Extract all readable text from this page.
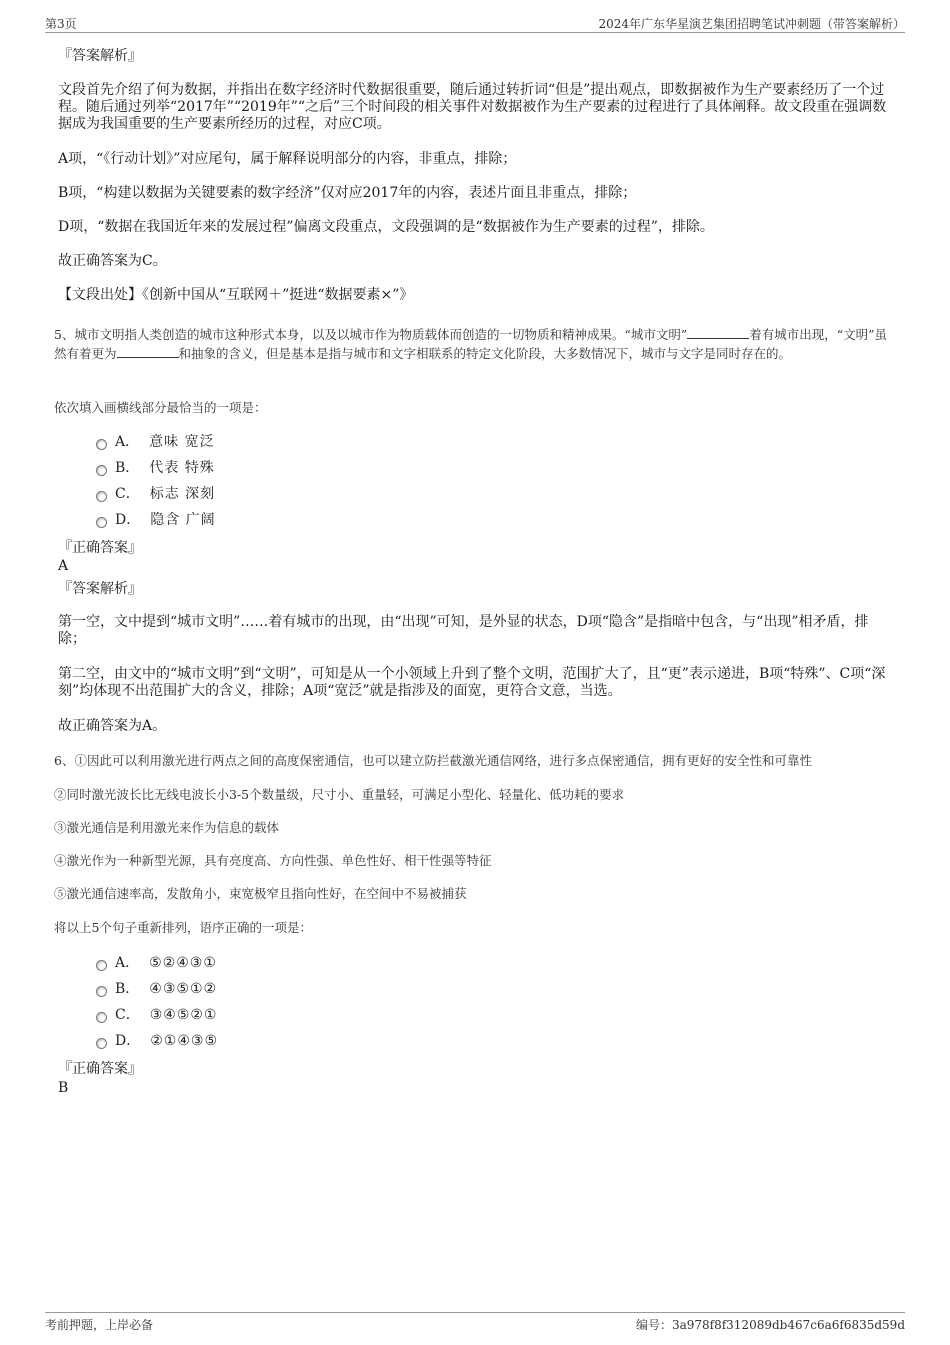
第3页	2024年广东华星演艺集团招聘笔试冲刺题（带答案解析）
『答案解析』
文段首先介绍了何为数据，并指出在数字经济时代数据很重要，随后通过转折词“但是”提出观点，即数据被作为生产要素经历了一个过程。随后通过列举“2017年”“2019年”“之后”三个时间段的相关事件对数据被作为生产要素的过程进行了具体阐释。故文段重在强调数据成为我国重要的生产要素所经历的过程，对应C项。
A项，“《行动计划》”对应尾句，属于解释说明部分的内容，非重点，排除；
B项，“构建以数据为关键要素的数字经济”仅对应2017年的内容，表述片面且非重点，排除；
D项，“数据在我国近年来的发展过程”偏离文段重点，文段强调的是“数据被作为生产要素的过程”，排除。
故正确答案为C。
【文段出处】《创新中国从“互联网＋”挺进“数据要素×”》
5、城市文明指人类创造的城市这种形式本身，以及以城市作为物质载体而创造的一切物质和精神成果。“城市文明”	着有城市出现，“文明”虽然有着更为	和抽象的含义，但是基本是指与城市和文字相联系的特定文化阶段，大多数情况下，城市与文字是同时存在的。
依次填入画横线部分最恰当的一项是：
A． 意味 宽泛
B． 代表 特殊
C． 标志 深刻
D． 隐含 广阔
『正确答案』
A
『答案解析』
第一空，文中提到“城市文明”……着有城市的出现，由“出现”可知，是外显的状态，D项“隐含”是指暗中包含，与“出现”相矛盾，排除；
第二空，由文中的“城市文明”到“文明”，可知是从一个小领域上升到了整个文明，范围扩大了，且“更”表示递进，B项“特殊”、C项“深刻”均体现不出范围扩大的含义，排除；A项“宽泛”就是指涉及的面宽，更符合文意，当选。
故正确答案为A。
6、①因此可以利用激光进行两点之间的高度保密通信，也可以建立防拦截激光通信网络，进行多点保密通信，拥有更好的安全性和可靠性
②同时激光波长比无线电波长小3-5个数量级，尺寸小、重量轻，可满足小型化、轻量化、低功耗的要求
③激光通信是利用激光来作为信息的载体
④激光作为一种新型光源，具有亮度高、方向性强、单色性好、相干性强等特征
⑤激光通信速率高，发散角小，束宽极窄且指向性好，在空间中不易被捕获
将以上5个句子重新排列，语序正确的一项是：
A． ⑤②④③①
B． ④③⑤①②
C． ③④⑤②①
D． ②①④③⑤
『正确答案』
B
考前押题，上岸必备	编号：3a978f8f312089db467c6a6f6835d59d
